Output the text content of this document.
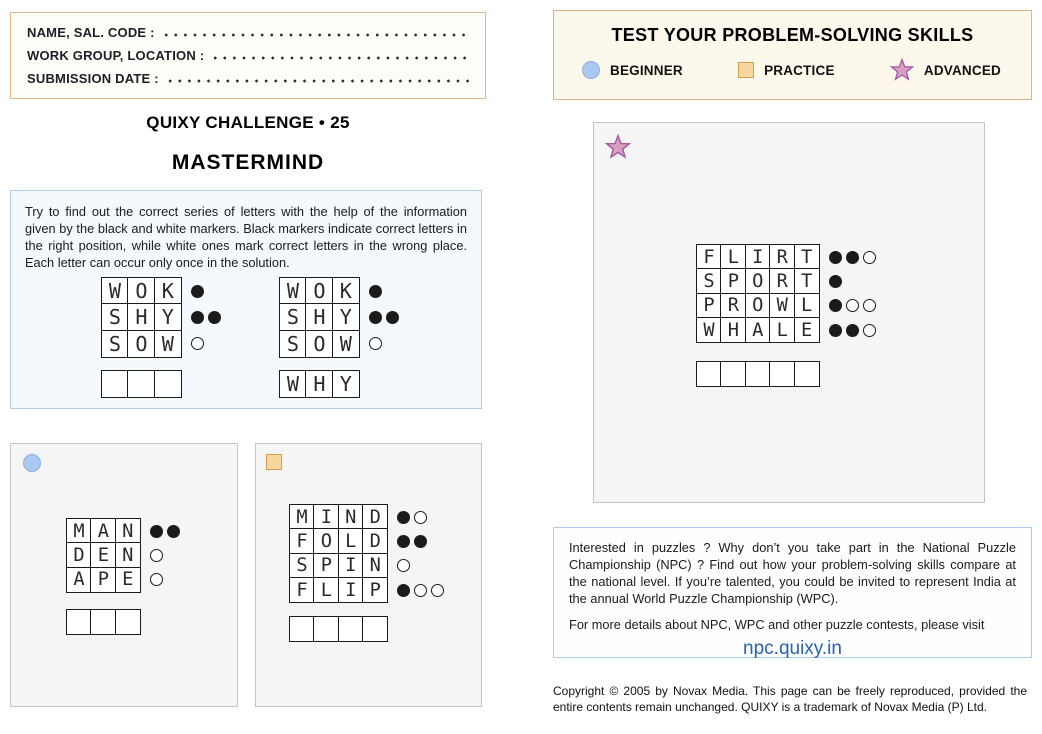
NAME, SAL. CODE :
WORK GROUP, LOCATION :
SUBMISSION DATE :
QUIXY CHALLENGE • 25
MASTERMIND

Try to find out the correct series of letters with the help of the information given by the black and white markers. Black markers indicate correct letters in the right position, while white ones mark correct letters in the wrong place. Each letter can occur only once in the solution.

W O K
S H Y
S O W
W O K
S H Y
S O W
W H Y
M A N
D E N
A P E
M I N D
F O L D
S P I N
F L I P
TEST YOUR PROBLEM-SOLVING SKILLS
BEGINNER	PRACTICE	ADVANCED
F L I R T
S P O R T
P R O W L
W H A L E

Interested in puzzles ? Why don’t you take part in the National Puzzle Championship (NPC) ? Find out how your problem-solving skills compare at the national level. If you’re talented, you could be invited to represent India at the annual World Puzzle Championship (WPC).

For more details about NPC, WPC and other puzzle contests, please visit

npc.quixy.in
Copyright © 2005 by Novax Media. This page can be freely reproduced, provided the entire contents remain unchanged. QUIXY is a trademark of Novax Media (P) Ltd.
